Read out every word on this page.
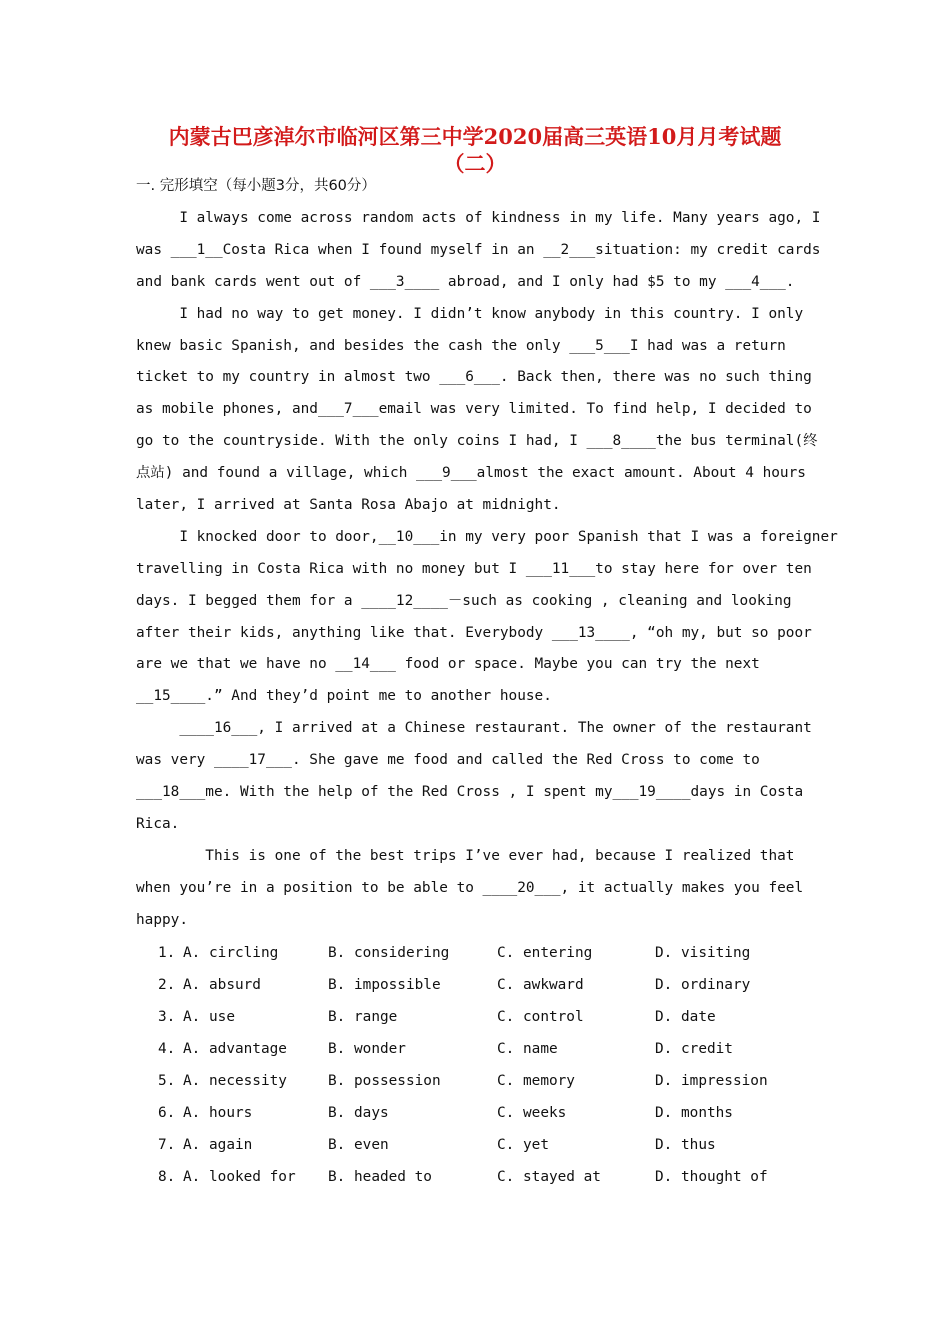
内蒙古巴彦淖尔市临河区第三中学2020届高三英语10月月考试题
（二）
一. 完形填空（每小题3分，共60分）
I always come across random acts of kindness in my life. Many years ago, I
was ___1__Costa Rica when I found myself in an __2___situation: my credit cards
and bank cards went out of ___3____ abroad, and I only had $5 to my ___4___.
I had no way to get money. I didn’t know anybody in this country. I only
knew basic Spanish, and besides the cash the only ___5___I had was a return
ticket to my country in almost two ___6___. Back then, there was no such thing
as mobile phones, and___7___email was very limited. To find help, I decided to
go to the countryside. With the only coins I had, I ___8____the bus terminal(终
点站) and found a village, which ___9___almost the exact amount. About 4 hours
later, I arrived at Santa Rosa Abajo at midnight.
I knocked door to door,__10___in my very poor Spanish that I was a foreigner
travelling in Costa Rica with no money but I ___11___to stay here for over ten
days. I begged them for a ____12____－such as cooking , cleaning and looking
after their kids, anything like that. Everybody ___13____, “oh my, but so poor
are we that we have no __14___ food or space. Maybe you can try the next
__15____.” And they’d point me to another house.
____16___, I arrived at a Chinese restaurant. The owner of the restaurant
was very ____17___. She gave me food and called the Red Cross to come to
___18___me. With the help of the Red Cross , I spent my___19____days in Costa
Rica.
This is one of the best trips I’ve ever had, because I realized that
when you’re in a position to be able to ____20___, it actually makes you feel
happy.
1. A. circling	B. considering	C. entering	D. visiting
2. A. absurd	B. impossible	C. awkward	D. ordinary
3. A. use	B. range	C. control	D. date
4. A. advantage	B. wonder	C. name	D. credit
5. A. necessity	B. possession	C. memory	D. impression
6. A. hours	B. days	C. weeks	D. months
7. A. again	B. even	C. yet	D. thus
8. A. looked for B. headed to	C. stayed at	D. thought of
